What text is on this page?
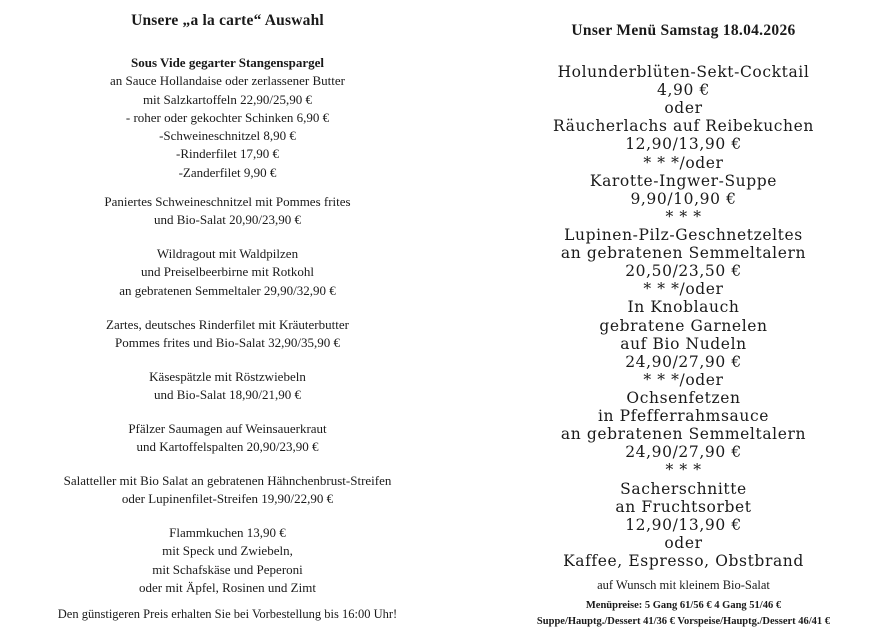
Unsere „a la carte“ Auswahl
Sous Vide gegarter Stangenspargel
an Sauce Hollandaise oder zerlassener Butter
mit Salzkartoffeln 22,90/25,90 €
- roher oder gekochter Schinken 6,90 €
-Schweineschnitzel 8,90 €
-Rinderfilet 17,90 €
-Zanderfilet 9,90 €
Paniertes Schweineschnitzel mit Pommes frites
und Bio-Salat 20,90/23,90 €
Wildragout mit Waldpilzen
und Preiselbeerbirne mit Rotkohl
an gebratenen Semmeltaler 29,90/32,90 €
Zartes, deutsches Rinderfilet mit Kräuterbutter
Pommes frites und Bio-Salat 32,90/35,90 €
Käsespätzle mit Röstzwiebeln
und Bio-Salat 18,90/21,90 €
Pfälzer Saumagen auf Weinsauerkraut
und Kartoffelspalten 20,90/23,90 €
Salatteller mit Bio Salat an gebratenen Hähnchenbrust-Streifen
oder Lupinenfilet-Streifen 19,90/22,90 €
Flammkuchen 13,90 €
mit Speck und Zwiebeln,
mit Schafskäse und Peperoni
oder mit Äpfel, Rosinen und Zimt
Den günstigeren Preis erhalten Sie bei Vorbestellung bis 16:00 Uhr!
Unser Menü Samstag 18.04.2026
Holunderblüten-Sekt-Cocktail
4,90 €
oder
Räucherlachs auf Reibekuchen
12,90/13,90 €
* * */oder
Karotte-Ingwer-Suppe
9,90/10,90 €
* * *
Lupinen-Pilz-Geschnetzeltes
an gebratenen Semmeltalern
20,50/23,50 €
* * */oder
In Knoblauch
gebratene Garnelen
auf Bio Nudeln
24,90/27,90 €
* * */oder
Ochsenfetzen
in Pfefferrahmsauce
an gebratenen Semmeltalern
24,90/27,90 €
* * *
Sacherschnitte
an Fruchtsorbet
12,90/13,90 €
oder
Kaffee, Espresso, Obstbrand
auf Wunsch mit kleinem Bio-Salat
Menüpreise: 5 Gang 61/56 € 4 Gang 51/46 €
Suppe/Hauptg./Dessert 41/36 € Vorspeise/Hauptg./Dessert 46/41 €
